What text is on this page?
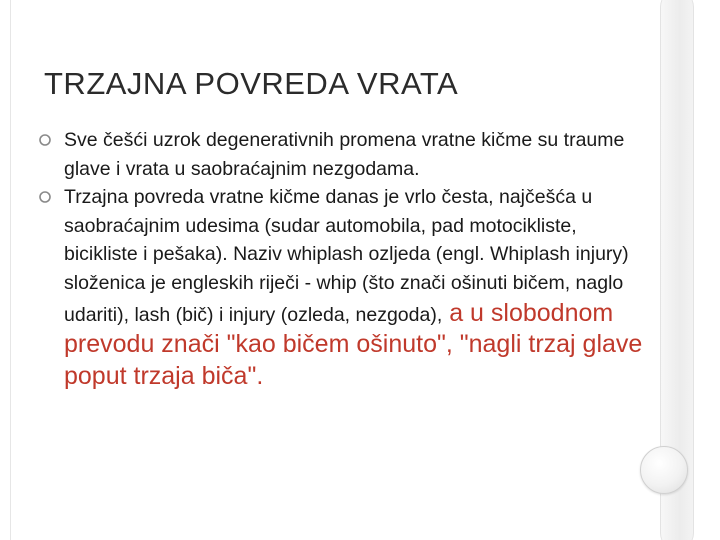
TRZAJNA POVREDA VRATA
Sve češći uzrok degenerativnih promena vratne kičme su traume glave i vrata u saobraćajnim nezgodama.
Trzajna povreda vratne kičme danas je vrlo česta, najčešća u saobraćajnim udesima (sudar automobila, pad motocikliste, bicikliste i pešaka). Naziv whiplash ozljeda (engl. Whiplash injury) složenica je engleskih riječi - whip (što znači ošinuti bičem, naglo udariti), lash (bič) i injury (ozleda, nezgoda), a u slobodnom prevodu znači "kao bičem ošinuto", "nagli trzaj glave poput trzaja biča".
